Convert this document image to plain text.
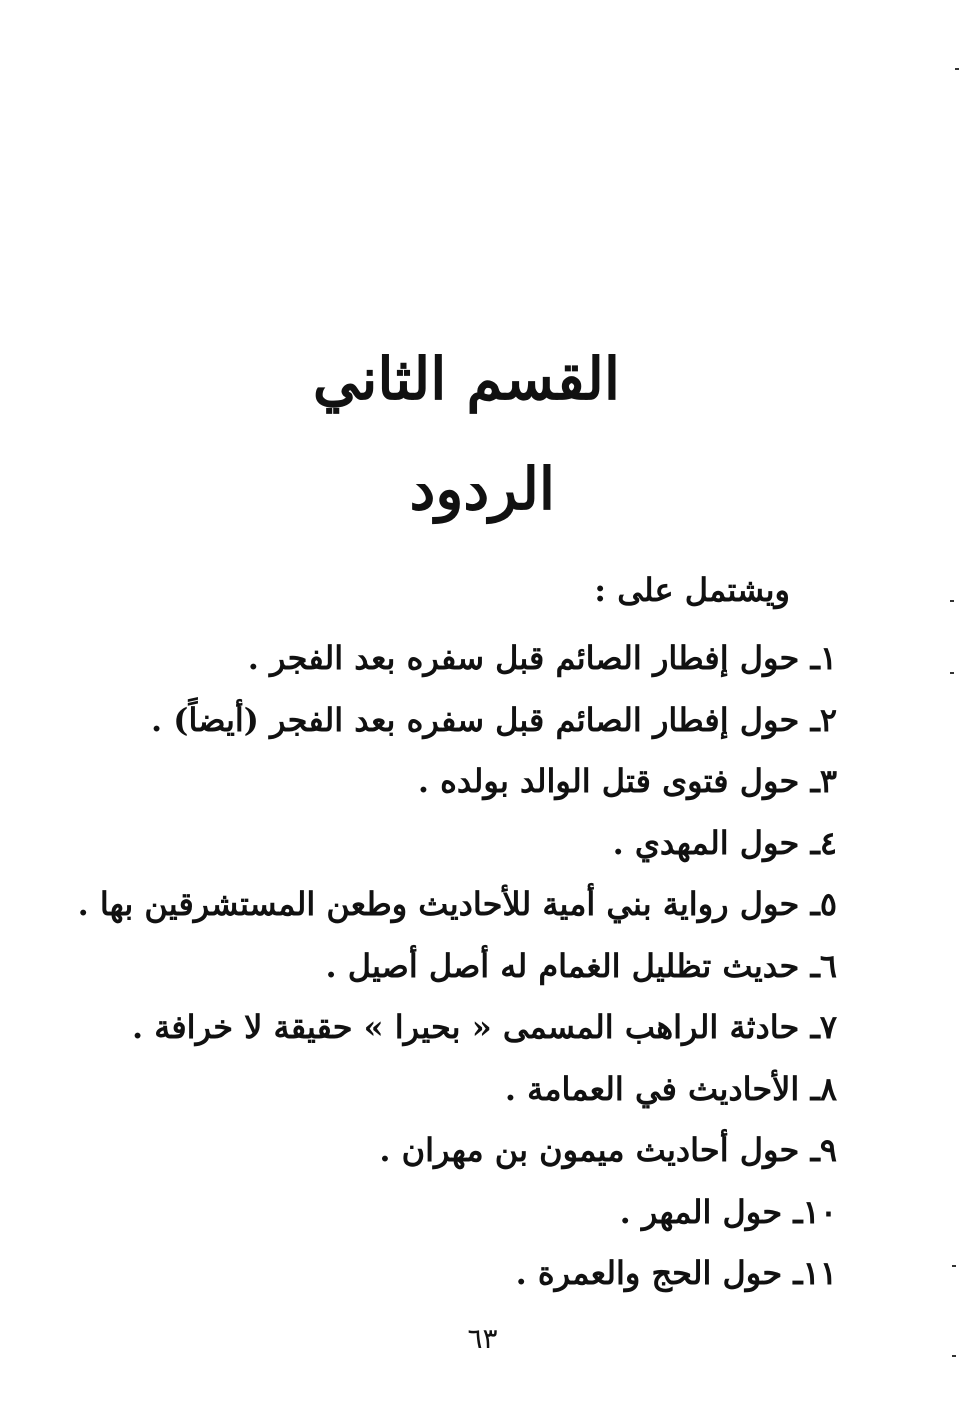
القسم الثاني
الردود
ويشتمل على :
١ـ حول إفطار الصائم قبل سفره بعد الفجر .
٢ـ حول إفطار الصائم قبل سفره بعد الفجر (أيضاً) .
٣ـ حول فتوى قتل الوالد بولده .
٤ـ حول المهدي .
٥ـ حول رواية بني أمية للأحاديث وطعن المستشرقين بها .
٦ـ حديث تظليل الغمام له أصل أصيل .
٧ـ حادثة الراهب المسمى « بحيرا » حقيقة لا خرافة .
٨ـ الأحاديث في العمامة .
٩ـ حول أحاديث ميمون بن مهران .
١٠ـ حول المهر .
١١ـ حول الحج والعمرة .
٦٣
